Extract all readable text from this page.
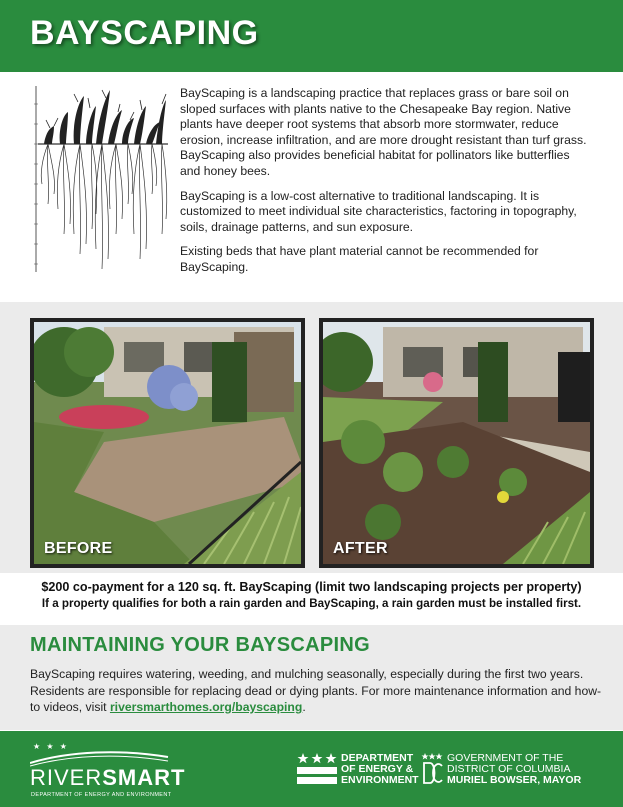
BAYSCAPING

BayScaping is a landscaping practice that replaces grass or bare soil on sloped surfaces with plants native to the Chesapeake Bay region. Native plants have deeper root systems that absorb more stormwater, reduce erosion, increase infiltration, and are more drought resistant than turf grass. BayScaping also provides beneficial habitat for pollinators like butterflies and honey bees.

BayScaping is a low-cost alternative to traditional landscaping. It is customized to meet individual site characteristics, factoring in topography, soils, drainage patterns, and sun exposure.

Existing beds that have plant material cannot be recommended for BayScaping.

BEFORE	AFTER
$200 co-payment for a 120 sq. ft. BayScaping (limit two landscaping projects per property)
If a property qualifies for both a rain garden and BayScaping, a rain garden must be installed first.
MAINTAINING YOUR BAYSCAPING

BayScaping requires watering, weeding, and mulching seasonally, especially during the first two years. Residents are responsible for replacing dead or dying plants. For more maintenance information and how-to videos, visit riversmarthomes.org/bayscaping.

★ ★ ★
RIVERSMART
DEPARTMENT OF ENERGY AND ENVIRONMENT
DEPARTMENT
OF ENERGY &
ENVIRONMENT
GOVERNMENT OF THE
DISTRICT OF COLUMBIA
MURIEL BOWSER, MAYOR
